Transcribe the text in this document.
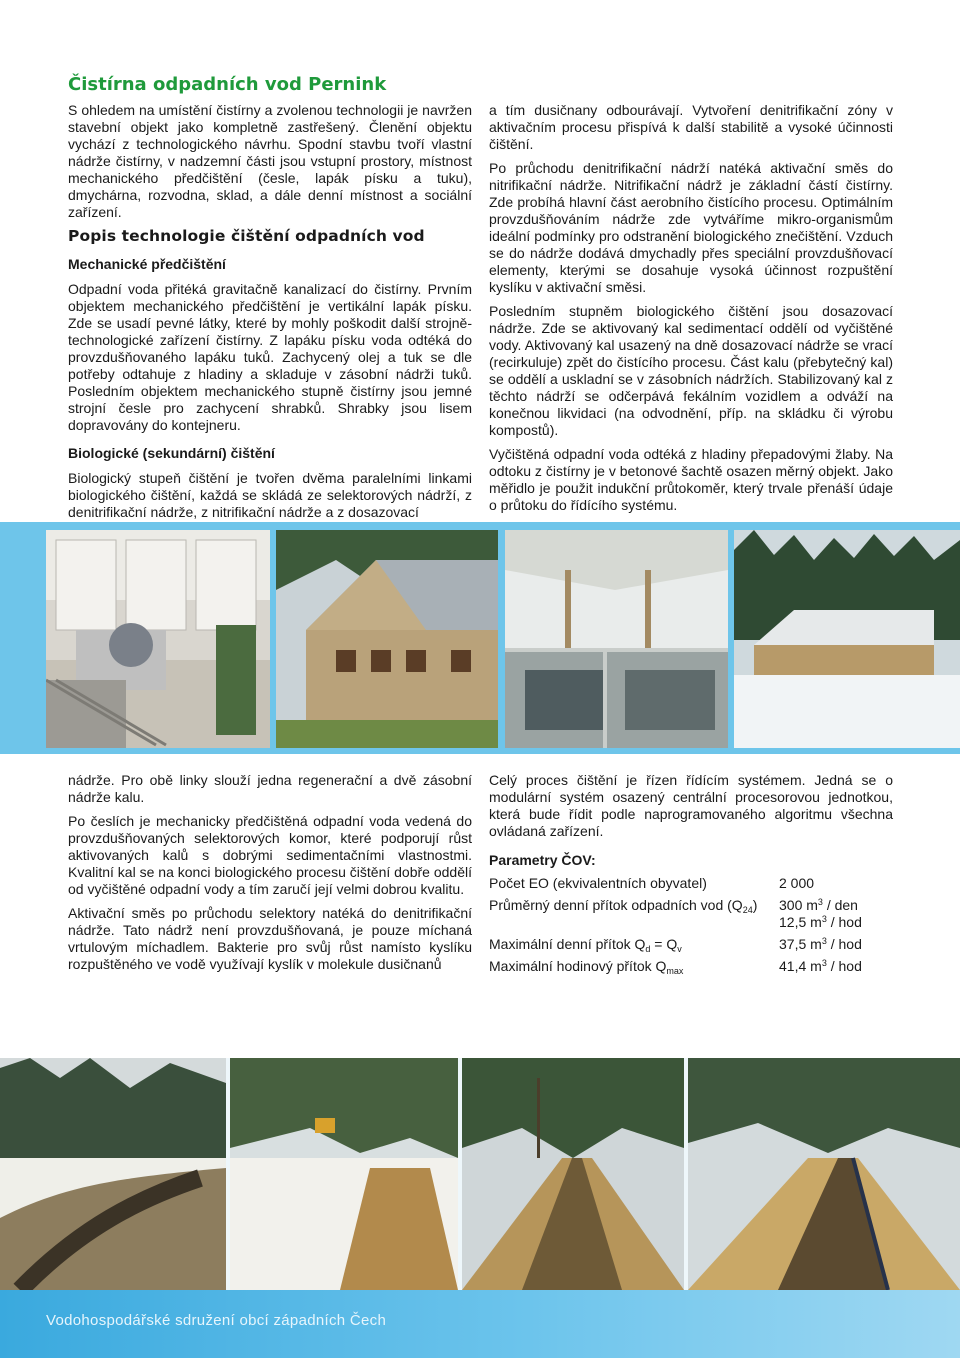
Čistírna odpadních vod Pernink

S ohledem na umístění čistírny a zvolenou technologii je navržen stavební objekt jako kompletně zastřešený. Členění objektu vychází z technologického návrhu. Spodní stavbu tvoří vlastní nádrže čistírny, v nadzemní části jsou vstupní prostory, místnost mechanického předčištění (česle, lapák písku a tuku), dmychárna, rozvodna, sklad, a dále denní místnost a sociální zařízení.

Popis technologie čištění odpadních vod
Mechanické předčištění

Odpadní voda přitéká gravitačně kanalizací do čistírny. Prvním objektem mechanického předčištění je vertikální lapák písku. Zde se usadí pevné látky, které by mohly poškodit další strojně-technologické zařízení čistírny. Z lapáku písku voda odtéká do provzdušňovaného lapáku tuků. Zachycený olej a tuk se dle potřeby odtahuje z hladiny a skladuje v zásobní nádrži tuků. Posledním objektem mechanického stupně čistírny jsou jemné strojní česle pro zachycení shrabků. Shrabky jsou lisem dopravovány do kontejneru.

Biologické (sekundární) čištění

Biologický stupeň čištění je tvořen dvěma paralelními linkami biologického čištění, každá se skládá ze selektorových nádrží, z denitrifikační nádrže, z nitrifikační nádrže a z dosazovací

a tím dusičnany odbourávají. Vytvoření denitrifikační zóny v aktivačním procesu přispívá k další stabilitě a vysoké účinnosti čištění.

Po průchodu denitrifikační nádrží natéká aktivační směs do nitrifikační nádrže. Nitrifikační nádrž je základní částí čistírny. Zde probíhá hlavní část aerobního čistícího procesu. Optimálním provzdušňováním nádrže zde vytváříme mikro-organismům ideální podmínky pro odstranění biologického znečištění. Vzduch se do nádrže dodává dmychadly přes speciální provzdušňovací elementy, kterými se dosahuje vysoká účinnost rozpuštění kyslíku v aktivační směsi.

Posledním stupněm biologického čištění jsou dosazovací nádrže. Zde se aktivovaný kal sedimentací oddělí od vyčištěné vody. Aktivovaný kal usazený na dně dosazovací nádrže se vrací (recirkuluje) zpět do čistícího procesu. Část kalu (přebytečný kal) se oddělí a uskladní se v zásobních nádržích. Stabilizovaný kal z těchto nádrží se odčerpává fekálním vozidlem a odváží na konečnou likvidaci (na odvodnění, příp. na skládku či výrobu kompostů).

Vyčištěná odpadní voda odtéká z hladiny přepadovými žlaby. Na odtoku z čistírny je v betonové šachtě osazen měrný objekt. Jako měřidlo je použit indukční průtokoměr, který trvale přenáší údaje o průtoku do řídícího systému.

nádrže. Pro obě linky slouží jedna regenerační a dvě zásobní nádrže kalu.

Po česlích je mechanicky předčištěná odpadní voda vedená do provzdušňovaných selektorových komor, které podporují růst aktivovaných kalů s dobrými sedimentačními vlastnostmi. Kvalitní kal se na konci biologického procesu čištění dobře oddělí od vyčištěné odpadní vody a tím zaručí její velmi dobrou kvalitu.

Aktivační směs po průchodu selektory natéká do denitrifikační nádrže. Tato nádrž není provzdušňovaná, je pouze míchaná vrtulovým míchadlem. Bakterie pro svůj růst namísto kyslíku rozpuštěného ve vodě využívají kyslík v molekule dusičnanů

Celý proces čištění je řízen řídícím systémem. Jedná se o modulární systém osazený centrální procesorovou jednotkou, která bude řídit podle naprogramovaného algoritmu všechna ovládaná zařízení.

Parametry ČOV:
Počet EO (ekvivalentních obyvatel)	2 000
Průměrný denní přítok odpadních vod $(Q_{24})$	300 $m^3$ / den
12,5 $m^3$ / hod
Maximální denní přítok $Q_d = Q_v$	37,5 $m^3$ / hod
Maximální hodinový přítok $Q_{max}$	41,4 $m^3$ / hod
Vodohospodářské sdružení obcí západních Čech
